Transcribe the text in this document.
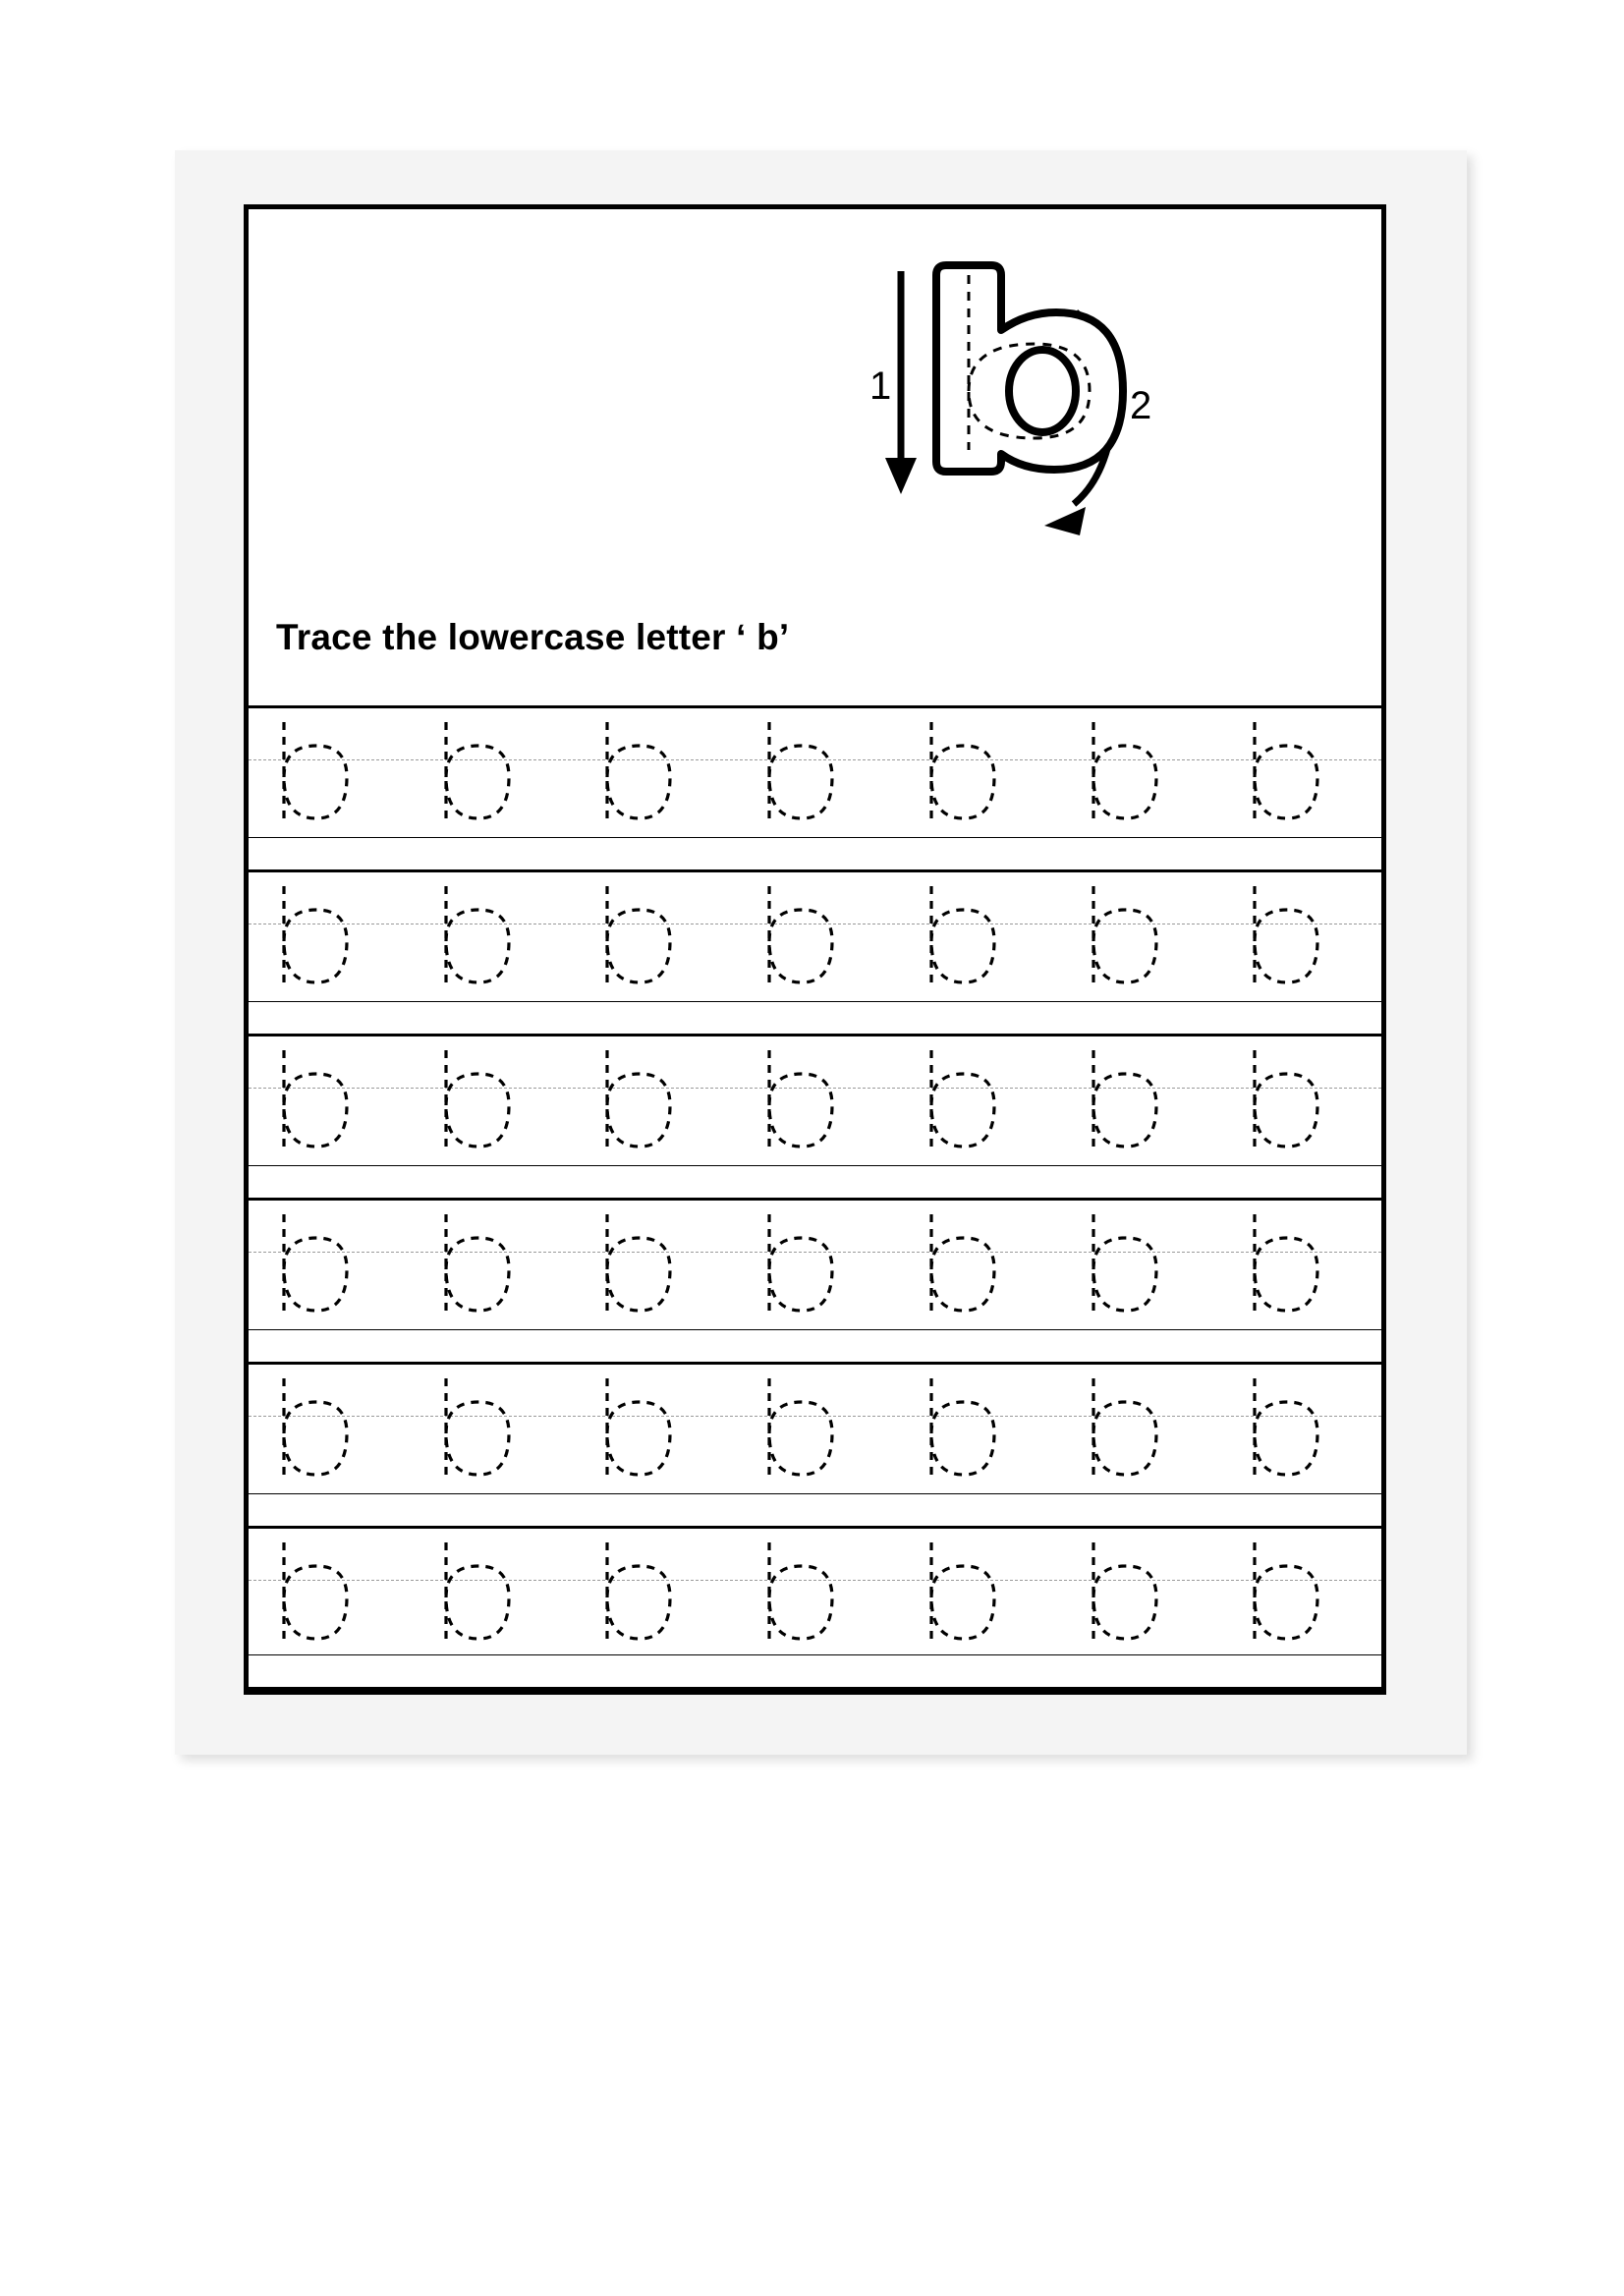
1	2
Trace the lowercase letter ‘ b’
